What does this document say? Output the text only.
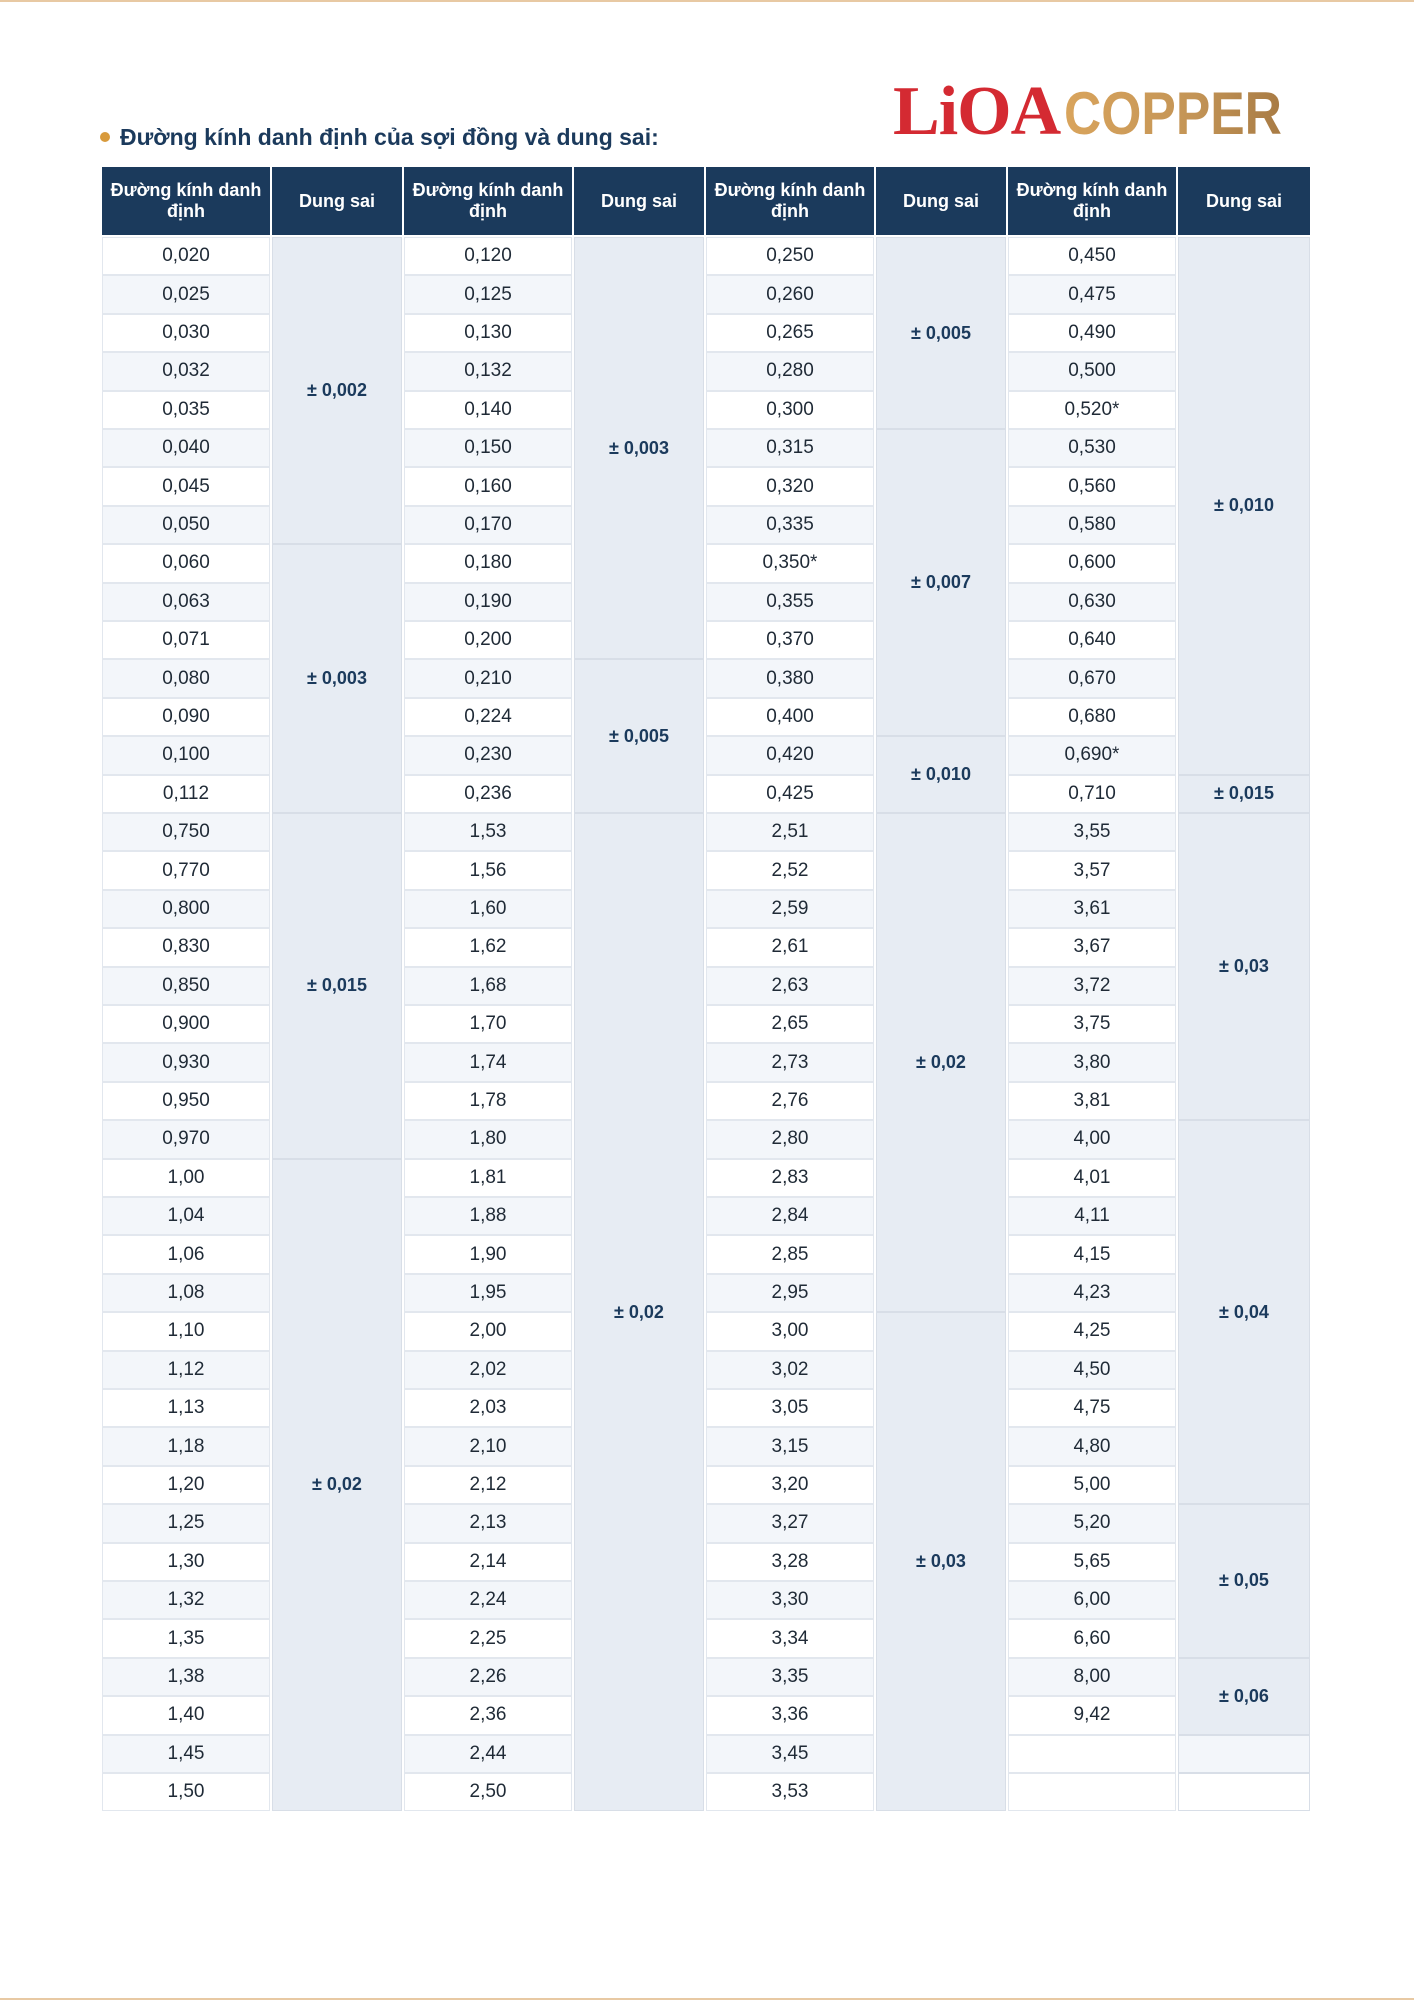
LiOACOPPER
Đường kính danh định của sợi đồng và dung sai:
Đường kính danh định
Dung sai
Đường kính danh định
Dung sai
Đường kính danh định
Dung sai
Đường kính danh định
Dung sai
0,020
0,025
0,030
0,032
0,035
0,040
0,045
0,050
0,060
0,063
0,071
0,080
0,090
0,100
0,112
0,750
0,770
0,800
0,830
0,850
0,900
0,930
0,950
0,970
1,00
1,04
1,06
1,08
1,10
1,12
1,13
1,18
1,20
1,25
1,30
1,32
1,35
1,38
1,40
1,45
1,50
± 0,002
± 0,003
± 0,015
± 0,02
0,120
0,125
0,130
0,132
0,140
0,150
0,160
0,170
0,180
0,190
0,200
0,210
0,224
0,230
0,236
1,53
1,56
1,60
1,62
1,68
1,70
1,74
1,78
1,80
1,81
1,88
1,90
1,95
2,00
2,02
2,03
2,10
2,12
2,13
2,14
2,24
2,25
2,26
2,36
2,44
2,50
± 0,003
± 0,005
± 0,02
0,250
0,260
0,265
0,280
0,300
0,315
0,320
0,335
0,350*
0,355
0,370
0,380
0,400
0,420
0,425
2,51
2,52
2,59
2,61
2,63
2,65
2,73
2,76
2,80
2,83
2,84
2,85
2,95
3,00
3,02
3,05
3,15
3,20
3,27
3,28
3,30
3,34
3,35
3,36
3,45
3,53
± 0,005
± 0,007
± 0,010
± 0,02
± 0,03
0,450
0,475
0,490
0,500
0,520*
0,530
0,560
0,580
0,600
0,630
0,640
0,670
0,680
0,690*
0,710
3,55
3,57
3,61
3,67
3,72
3,75
3,80
3,81
4,00
4,01
4,11
4,15
4,23
4,25
4,50
4,75
4,80
5,00
5,20
5,65
6,00
6,60
8,00
9,42
± 0,010
± 0,015
± 0,03
± 0,04
± 0,05
± 0,06
